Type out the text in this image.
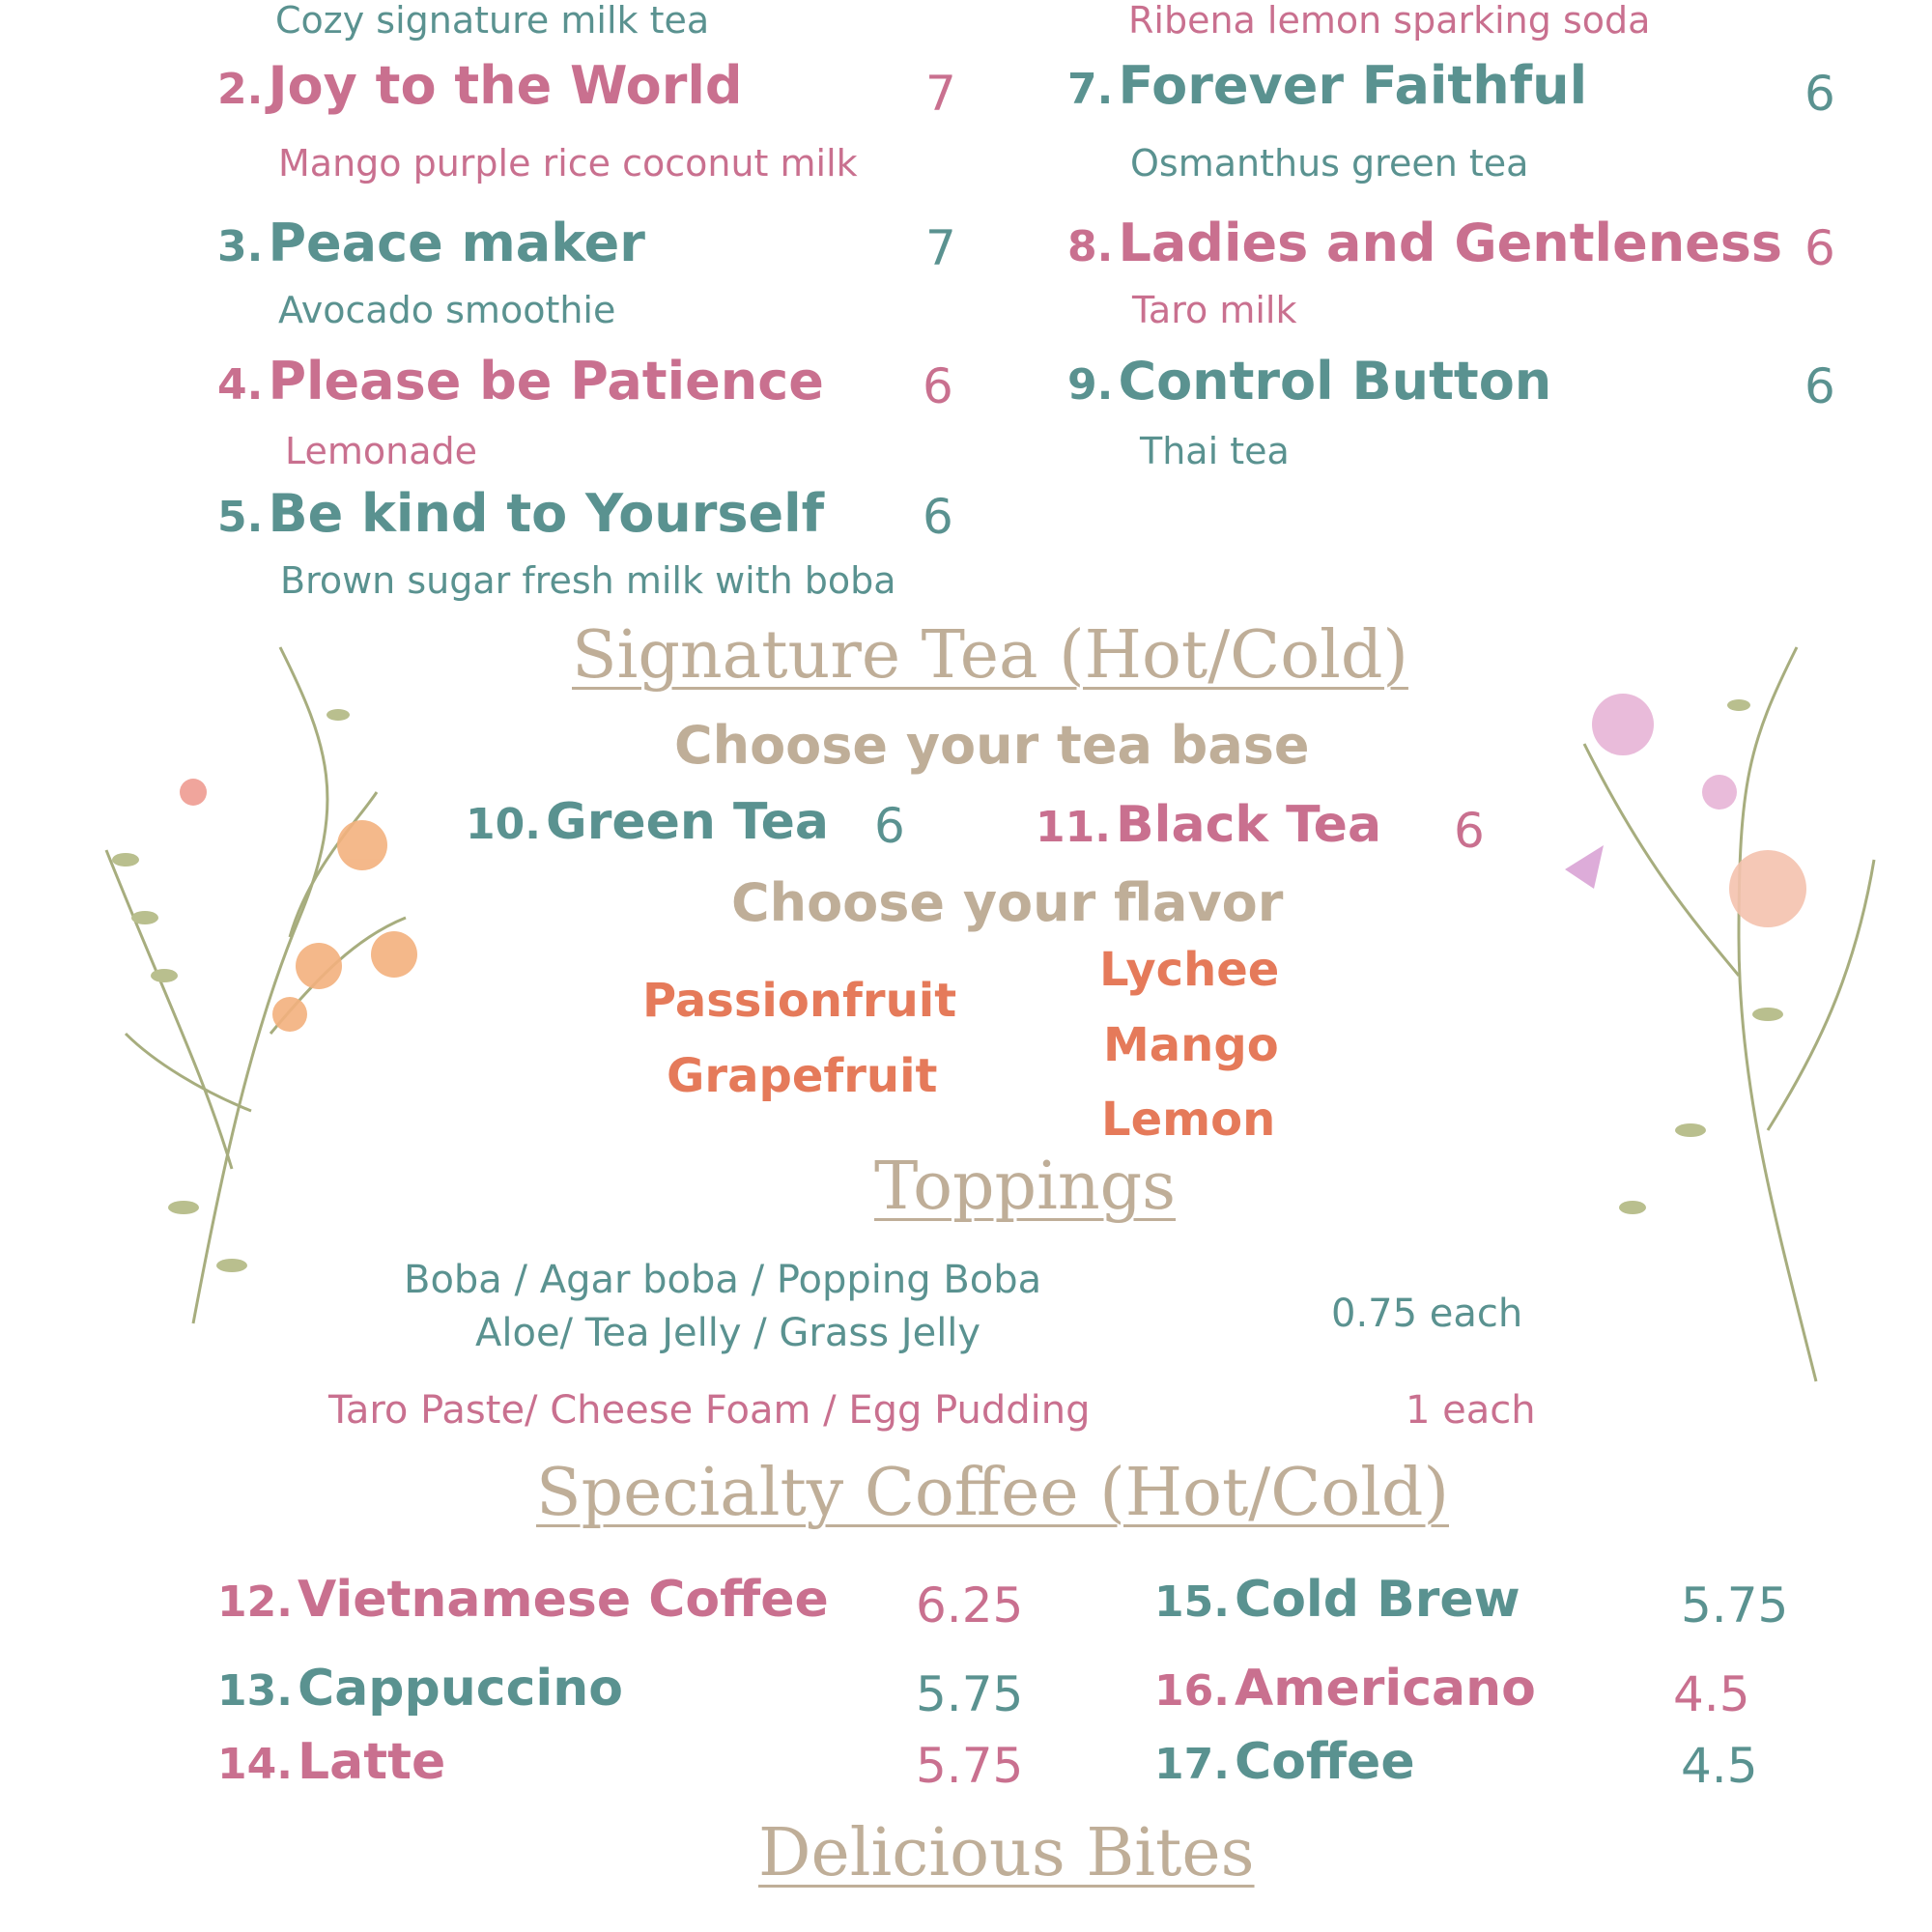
Cozy signature milk tea	Ribena lemon sparking soda
2. Joy to the World	7
Mango purple rice coconut milk
3. Peace maker	7
Avocado smoothie
4. Please be Patience 6
Lemonade
5. Be kind to Yourself 6
Brown sugar fresh milk with boba
7. Forever Faithful	6
Osmanthus green tea
8. Ladies and Gentleness 6
Taro milk
9. Control Button	6
Thai tea
Signature Tea (Hot/Cold)
Choose your tea base
10. Green Tea 6	11. Black Tea 6
Choose your flavor
Passionfruit
Grapefruit
Lychee
Mango
Lemon
Toppings
Boba / Agar boba / Popping Boba
Aloe/ Tea Jelly / Grass Jelly	0.75 each
Taro Paste/ Cheese Foam / Egg Pudding	1 each
Specialty Coffee (Hot/Cold)
12. Vietnamese Coffee 6.25
13. Cappuccino	5.75
14. Latte	5.75
15. Cold Brew	5.75
16. Americano	4.5
17. Coffee	4.5
Delicious Bites
